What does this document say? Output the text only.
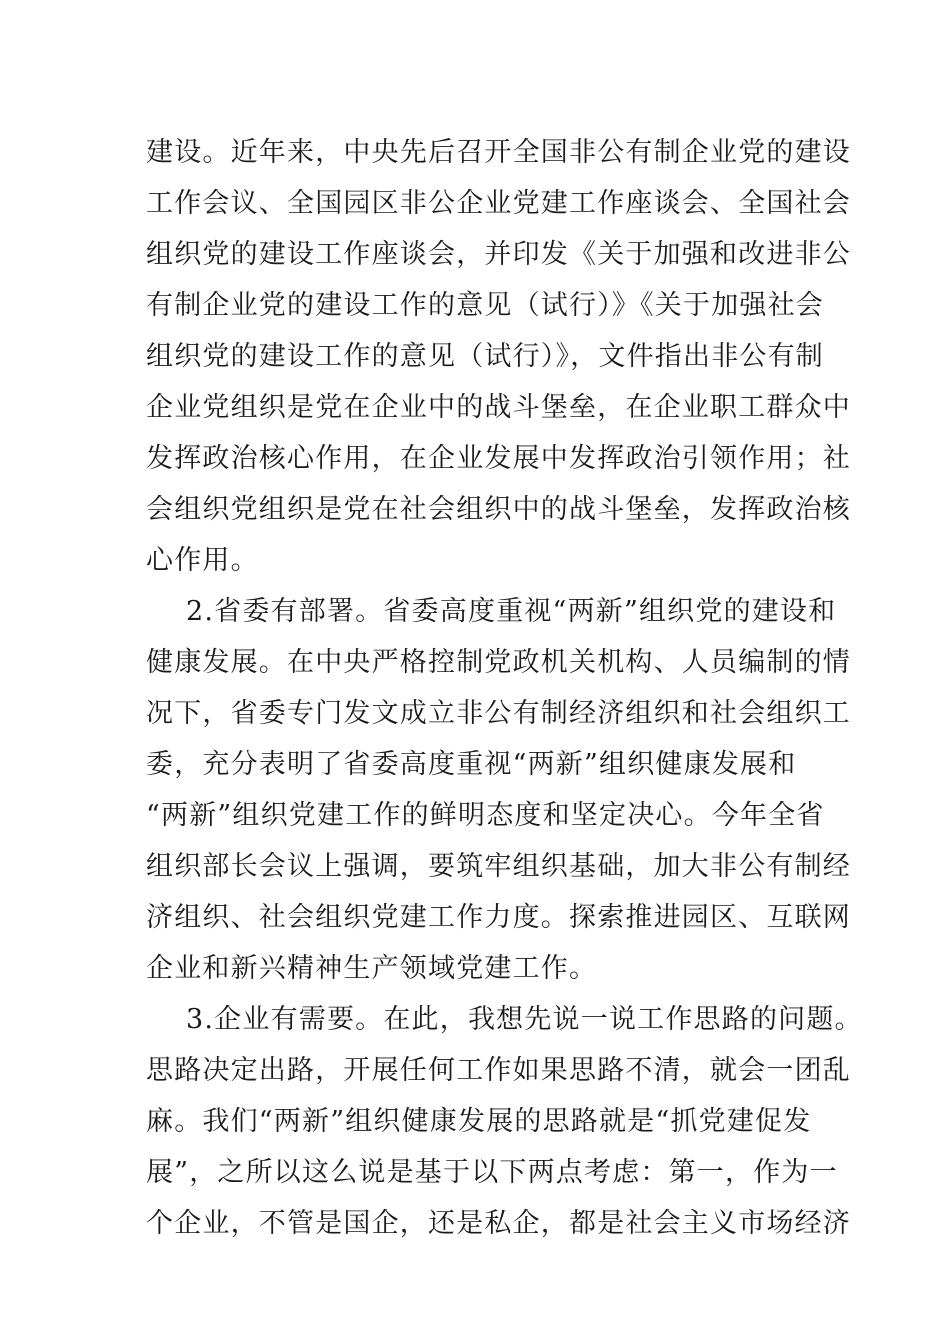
建设。近年来，中央先后召开全国非公有制企业党的建设
工作会议、全国园区非公企业党建工作座谈会、全国社会
组织党的建设工作座谈会，并印发《关于加强和改进非公
有制企业党的建设工作的意见（试行）》《关于加强社会
组织党的建设工作的意见（试行）》，文件指出非公有制
企业党组织是党在企业中的战斗堡垒，在企业职工群众中
发挥政治核心作用，在企业发展中发挥政治引领作用；社
会组织党组织是党在社会组织中的战斗堡垒，发挥政治核
心作用。
2.省委有部署。省委高度重视“两新”组织党的建设和
健康发展。在中央严格控制党政机关机构、人员编制的情
况下，省委专门发文成立非公有制经济组织和社会组织工
委，充分表明了省委高度重视“两新”组织健康发展和
“两新”组织党建工作的鲜明态度和坚定决心。今年全省
组织部长会议上强调，要筑牢组织基础，加大非公有制经
济组织、社会组织党建工作力度。探索推进园区、互联网
企业和新兴精神生产领域党建工作。
3.企业有需要。在此，我想先说一说工作思路的问题。
思路决定出路，开展任何工作如果思路不清，就会一团乱
麻。我们“两新”组织健康发展的思路就是“抓党建促发
展”，之所以这么说是基于以下两点考虑：第一，作为一
个企业，不管是国企，还是私企，都是社会主义市场经济
